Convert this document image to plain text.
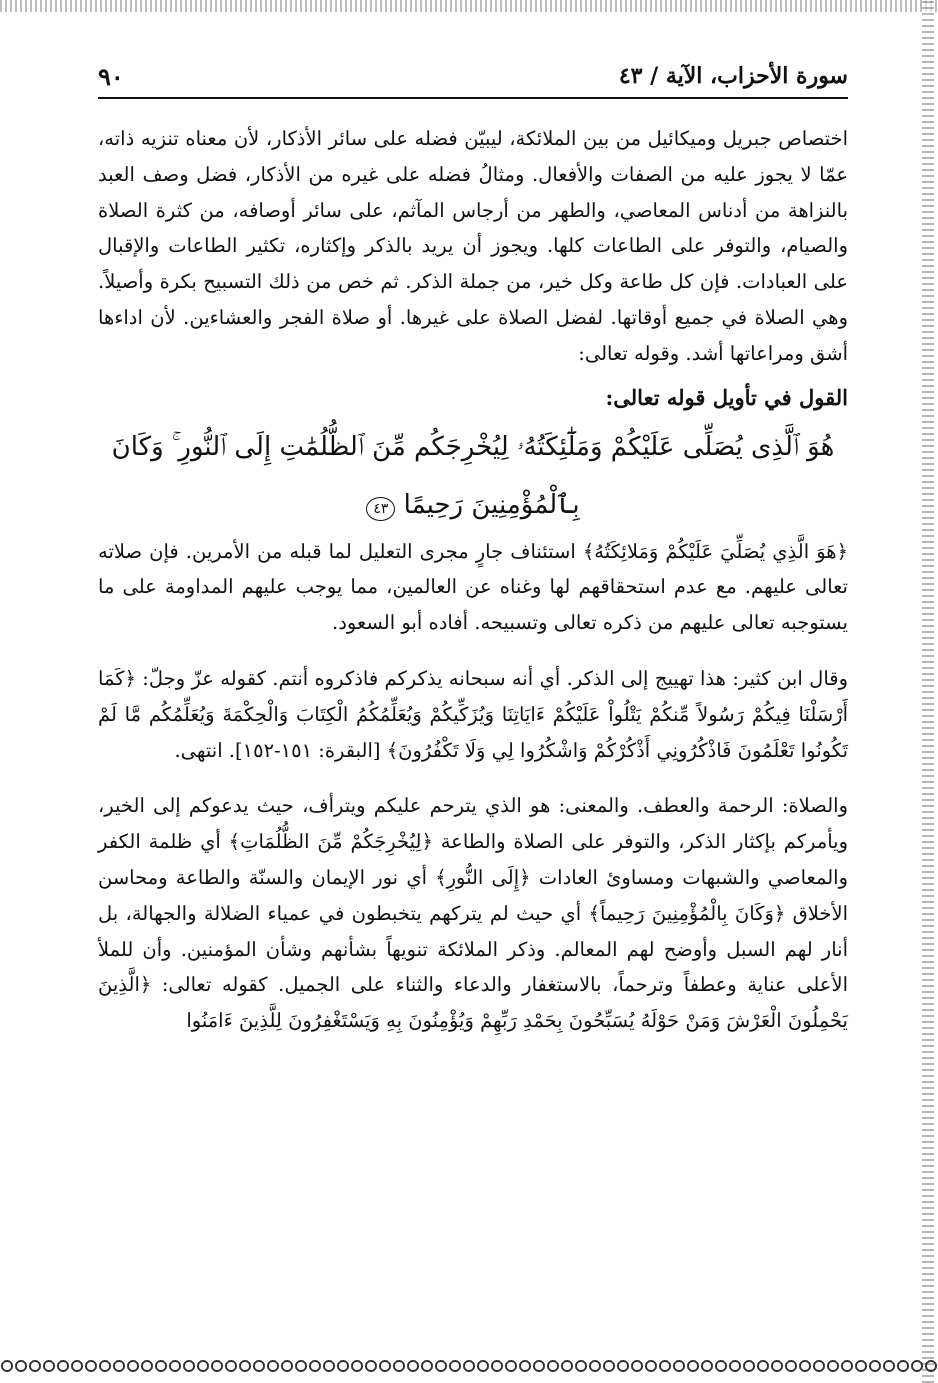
سورة الأحزاب، الآية / ٤٣
٩٠

اختصاص جبريل وميكائيل من بين الملائكة، ليبيّن فضله على سائر الأذكار، لأن معناه تنزيه ذاته، عمّا لا يجوز عليه من الصفات والأفعال. ومثالُ فضله على غيره من الأذكار، فضل وصف العبد بالنزاهة من أدناس المعاصي، والطهر من أرجاس المآثم، على سائر أوصافه، من كثرة الصلاة والصيام، والتوفر على الطاعات كلها. ويجوز أن يريد بالذكر وإكثاره، تكثير الطاعات والإقبال على العبادات. فإن كل طاعة وكل خير، من جملة الذكر. ثم خص من ذلك التسبيح بكرة وأصيلاً. وهي الصلاة في جميع أوقاتها. لفضل الصلاة على غيرها. أو صلاة الفجر والعشاءين. لأن اداءها أشق ومراعاتها أشد. وقوله تعالى:

القول في تأويل قوله تعالى:

هُوَ ٱلَّذِى يُصَلِّى عَلَيْكُمْ وَمَلَٰٓئِكَتُهُۥ لِيُخْرِجَكُم مِّنَ ٱلظُّلُمَٰتِ إِلَى ٱلنُّورِ ۚ وَكَانَ
بِٱلْمُؤْمِنِينَ رَحِيمًا ٤٣

﴿هَوَ الَّذِي يُصَلِّيَ عَلَيْكُمْ وَمَلائِكَتُهُ﴾ استئناف جارٍ مجرى التعليل لما قبله من الأمرين. فإن صلاته تعالى عليهم. مع عدم استحقاقهم لها وغناه عن العالمين، مما يوجب عليهم المداومة على ما يستوجبه تعالى عليهم من ذكره تعالى وتسبيحه. أفاده أبو السعود.

وقال ابن كثير: هذا تهييج إلى الذكر. أي أنه سبحانه يذكركم فاذكروه أنتم. كقوله عزّ وجلّ: ﴿كَمَا أَرْسَلْنَا فِيكُمْ رَسُولاً مِّنكُمْ يَتْلُواْ عَلَيْكُمْ ءَايَاتِنَا وَيُزَكِّيكُمْ وَيُعَلِّمُكُمُ الْكِتَابَ وَالْحِكْمَةَ وَيُعَلِّمُكُم مَّا لَمْ تَكُونُوا تَعْلَمُونَ فَاذْكُرُونِي أَذْكُرْكُمْ وَاشْكُرُوا لِي وَلَا تَكْفُرُونَ﴾ [البقرة: ١٥١-١٥٢]. انتهى.

والصلاة: الرحمة والعطف. والمعنى: هو الذي يترحم عليكم ويترأف، حيث يدعوكم إلى الخير، ويأمركم بإكثار الذكر، والتوفر على الصلاة والطاعة ﴿لِيُخْرِجَكُمْ مِّنَ الظُّلُمَاتِ﴾ أي ظلمة الكفر والمعاصي والشبهات ومساوئ العادات ﴿إِلَى النُّورِ﴾ أي نور الإيمان والسنّة والطاعة ومحاسن الأخلاق ﴿وَكَانَ بِالْمُؤْمِنِينَ رَحِيماً﴾ أي حيث لم يتركهم يتخبطون في عمياء الضلالة والجهالة، بل أنار لهم السبل وأوضح لهم المعالم. وذكر الملائكة تنويهاً بشأنهم وشأن المؤمنين. وأن للملأ الأعلى عناية وعطفاً وترحماً، بالاستغفار والدعاء والثناء على الجميل. كقوله تعالى: ﴿الَّذِينَ يَحْمِلُونَ الْعَرْشَ وَمَنْ حَوْلَهُ يُسَبِّحُونَ بِحَمْدِ رَبِّهِمْ وَيُؤْمِنُونَ بِهِ وَيَسْتَغْفِرُونَ لِلَّذِينَ ءَامَنُوا
